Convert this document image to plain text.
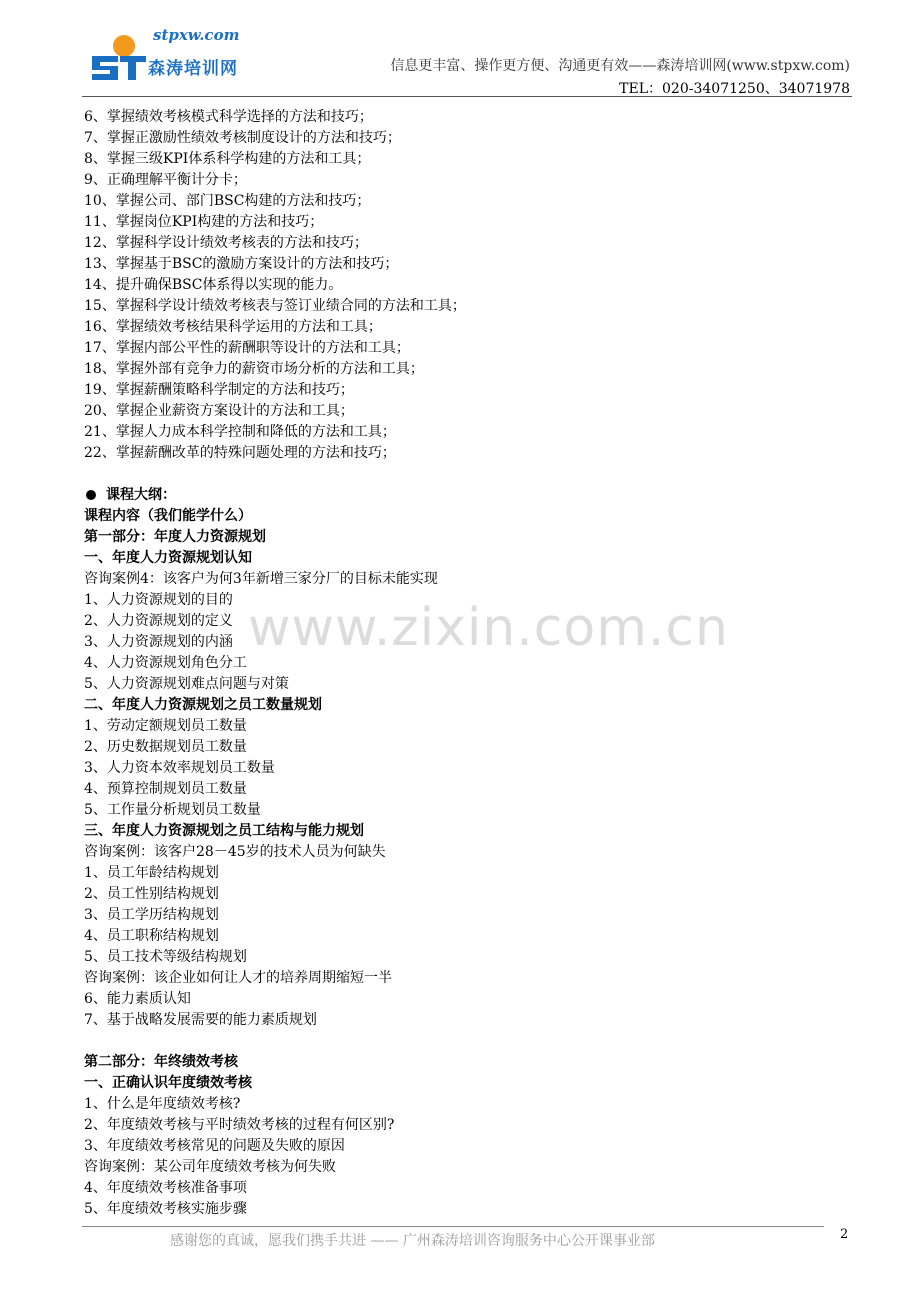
stpxw.com
森涛培训网	信息更丰富、操作更方便、沟通更有效——森涛培训网(www.stpxw.com)
TEL：020-34071250、34071978
www.zixin.com.cn
6、掌握绩效考核模式科学选择的方法和技巧；
7、掌握正激励性绩效考核制度设计的方法和技巧；
8、掌握三级KPI体系科学构建的方法和工具；
9、正确理解平衡计分卡；
10、掌握公司、部门BSC构建的方法和技巧；
11、掌握岗位KPI构建的方法和技巧；
12、掌握科学设计绩效考核表的方法和技巧；
13、掌握基于BSC的激励方案设计的方法和技巧；
14、提升确保BSC体系得以实现的能力。
15、掌握科学设计绩效考核表与签订业绩合同的方法和工具；
16、掌握绩效考核结果科学运用的方法和工具；
17、掌握内部公平性的薪酬职等设计的方法和工具；
18、掌握外部有竞争力的薪资市场分析的方法和工具；
19、掌握薪酬策略科学制定的方法和技巧；
20、掌握企业薪资方案设计的方法和工具；
21、掌握人力成本科学控制和降低的方法和工具；
22、掌握薪酬改革的特殊问题处理的方法和技巧；
课程大纲：
课程内容（我们能学什么）
第一部分：年度人力资源规划
一、年度人力资源规划认知
咨询案例4：该客户为何3年新增三家分厂的目标未能实现
1、人力资源规划的目的
2、人力资源规划的定义
3、人力资源规划的内涵
4、人力资源规划角色分工
5、人力资源规划难点问题与对策
二、年度人力资源规划之员工数量规划
1、劳动定额规划员工数量
2、历史数据规划员工数量
3、人力资本效率规划员工数量
4、预算控制规划员工数量
5、工作量分析规划员工数量
三、年度人力资源规划之员工结构与能力规划
咨询案例：该客户28－45岁的技术人员为何缺失
1、员工年龄结构规划
2、员工性别结构规划
3、员工学历结构规划
4、员工职称结构规划
5、员工技术等级结构规划
咨询案例：该企业如何让人才的培养周期缩短一半
6、能力素质认知
7、基于战略发展需要的能力素质规划
第二部分：年终绩效考核
一、正确认识年度绩效考核
1、什么是年度绩效考核?
2、年度绩效考核与平时绩效考核的过程有何区别?
3、年度绩效考核常见的问题及失败的原因
咨询案例：某公司年度绩效考核为何失败
4、年度绩效考核准备事项
5、年度绩效考核实施步骤
感谢您的真诚，愿我们携手共进 —— 广州森涛培训咨询服务中心公开课事业部	2
